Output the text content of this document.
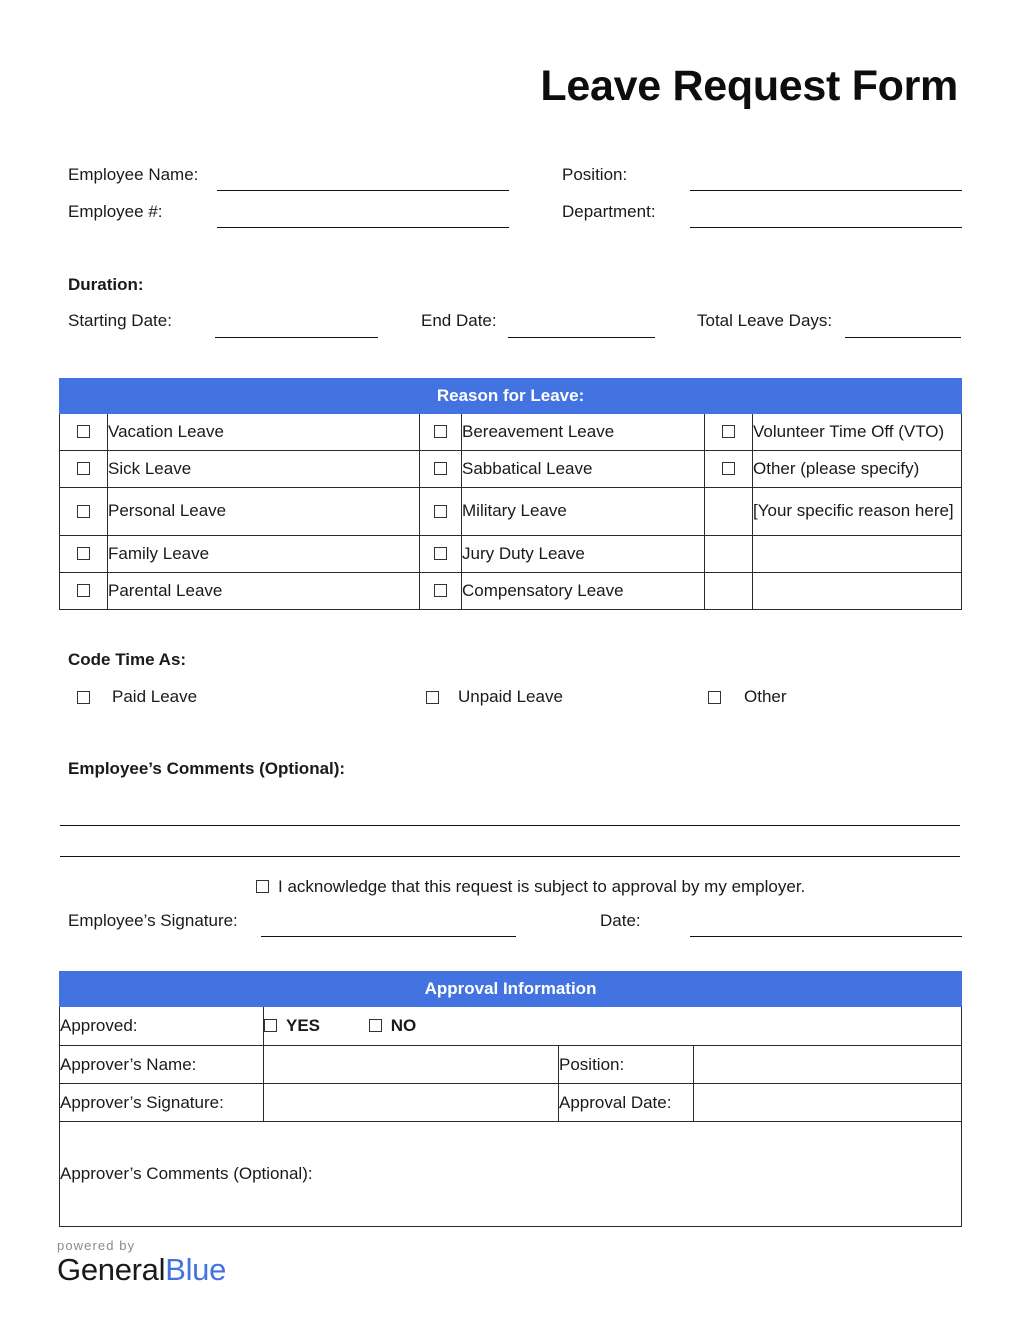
Leave Request Form
Employee Name:
Employee #:
Position:
Department:
Duration:
Starting Date:	End Date:	Total Leave Days:
Reason for Leave:					
	Vacation Leave		Bereavement Leave		Volunteer Time Off (VTO)
	Sick Leave		Sabbatical Leave		Other (please specify)
	Personal Leave		Military Leave		[Your specific reason here]
	Family Leave		Jury Duty Leave		
	Parental Leave		Compensatory Leave		
Code Time As:
Paid Leave	Unpaid Leave	Other
Employee’s Comments (Optional):
I acknowledge that this request is subject to approval by my employer.
Employee’s Signature:	Date:
Approval Information			
Approved:	YES NO		
Approver’s Name:		Position:	
Approver’s Signature:		Approval Date:	
Approver’s Comments (Optional):			
powered by
GeneralBlue
